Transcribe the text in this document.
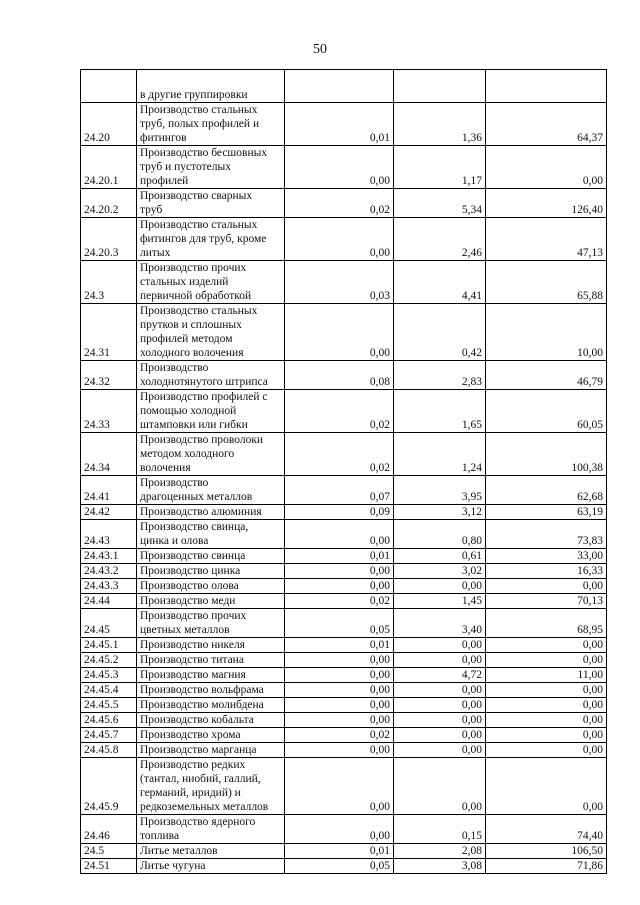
50

	в другие группировки			

24.20	Производство стальных
труб, полых профилей и
фитингов	0,01	1,36	64,37
24.20.1	Производство бесшовных
труб и пустотелых
профилей	0,00	1,17	0,00
24.20.2	Производство сварных
труб	0,02	5,34	126,40
24.20.3	Производство стальных
фитингов для труб, кроме
литых	0,00	2,46	47,13
24.3	Производство прочих
стальных изделий
первичной обработкой	0,03	4,41	65,88
24.31	Производство стальных
прутков и сплошных
профилей методом
холодного волочения	0,00	0,42	10,00
24.32	Производство
холоднотянутого штрипса	0,08	2,83	46,79
24.33	Производство профилей с
помощью холодной
штамповки или гибки	0,02	1,65	60,05
24.34	Производство проволоки
методом холодного
волочения	0,02	1,24	100,38
24.41	Производство
драгоценных металлов	0,07	3,95	62,68
24.42	Производство алюминия	0,09	3,12	63,19
24.43	Производство свинца,
цинка и олова	0,00	0,80	73,83
24.43.1	Производство свинца	0,01	0,61	33,00
24.43.2	Производство цинка	0,00	3,02	16,33
24.43.3	Производство олова	0,00	0,00	0,00
24.44	Производство меди	0,02	1,45	70,13
24.45	Производство прочих
цветных металлов	0,05	3,40	68,95
24.45.1	Производство никеля	0,01	0,00	0,00
24.45.2	Производство титана	0,00	0,00	0,00
24.45.3	Производство магния	0,00	4,72	11,00
24.45.4	Производство вольфрама	0,00	0,00	0,00
24.45.5	Производство молибдена	0,00	0,00	0,00
24.45.6	Производство кобальта	0,00	0,00	0,00
24.45.7	Производство хрома	0,02	0,00	0,00
24.45.8	Производство марганца	0,00	0,00	0,00
24.45.9	Производство редких
(тантал, ниобий, галлий,
германий, иридий) и
редкоземельных металлов	0,00	0,00	0,00
24.46	Производство ядерного
топлива	0,00	0,15	74,40
24.5	Литье металлов	0,01	2,08	106,50
24.51	Литье чугуна	0,05	3,08	71,86
